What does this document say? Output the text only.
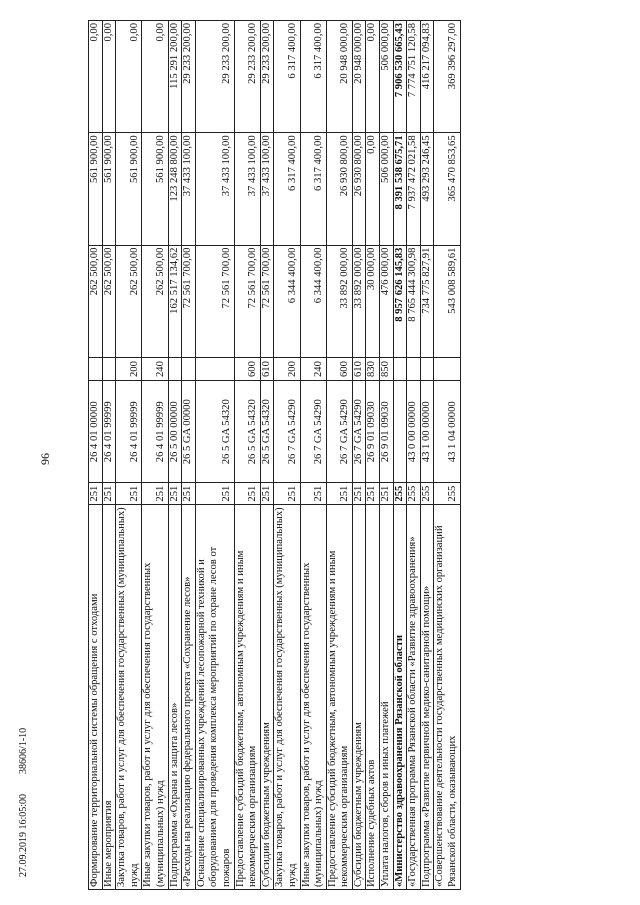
96
27.09.2019 16:05:00        38606/1-10	Формирование территориальной системы обращения с отходами	251	26 4 01 00000		262 500,00	561 900,00	0,00
Иные мероприятия	251	26 4 01 99999		262 500,00	561 900,00	0,00
Закупка товаров, работ и услуг для обеспечения государственных (муниципальных) нужд	251	26 4 01 99999	200	262 500,00	561 900,00	0,00
Иные закупки товаров, работ и услуг для обеспечения государственных (муниципальных) нужд	251	26 4 01 99999	240	262 500,00	561 900,00	0,00
Подпрограмма «Охрана и защита лесов»	251	26 5 00 00000		162 517 134,62	123 248 800,00	115 291 200,00
«Расходы на реализацию федерального проекта «Сохранение лесов»	251	26 5 GA 00000		72 561 700,00	37 433 100,00	29 233 200,00
Оснащение специализированных учреждений лесопожарной техникой и оборудованием для проведения комплекса мероприятий по охране лесов от пожаров	251	26 5 GA 54320		72 561 700,00	37 433 100,00	29 233 200,00
Предоставление субсидий бюджетным, автономным учреждениям и иным некоммерческим организациям	251	26 5 GA 54320	600	72 561 700,00	37 433 100,00	29 233 200,00
Субсидии бюджетным учреждениям	251	26 5 GA 54320	610	72 561 700,00	37 433 100,00	29 233 200,00
Закупка товаров, работ и услуг для обеспечения государственных (муниципальных) нужд	251	26 7 GA 54290	200	6 344 400,00	6 317 400,00	6 317 400,00
Иные закупки товаров, работ и услуг для обеспечения государственных (муниципальных) нужд	251	26 7 GA 54290	240	6 344 400,00	6 317 400,00	6 317 400,00
Предоставление субсидий бюджетным, автономным учреждениям и иным некоммерческим организациям	251	26 7 GA 54290	600	33 892 000,00	26 930 800,00	20 948 000,00
Субсидии бюджетным учреждениям	251	26 7 GA 54290	610	33 892 000,00	26 930 800,00	20 948 000,00
Исполнение судебных актов	251	26 9 01 09030	830	30 000,00	0,00	0,00
Уплата налогов, сборов и иных платежей	251	26 9 01 09030	850	476 000,00	506 000,00	506 000,00
«Министерство здравоохранения Рязанской области	255			8 957 626 145,83	8 391 538 675,71	7 906 530 665,43
«Государственная программа Рязанской области «Развитие здравоохранения»	255	43 0 00 00000		8 765 444 300,98	7 937 472 021,58	7 774 751 120,58
Подпрограмма «Развитие первичной медико-санитарной помощи»	255	43 1 00 00000		734 775 827,91	493 293 246,45	416 217 094,83
«Совершенствование деятельности государственных медицинских организаций Рязанской области, оказывающих	255	43 1 04 00000		543 008 589,61	365 470 853,65	369 396 297,00
